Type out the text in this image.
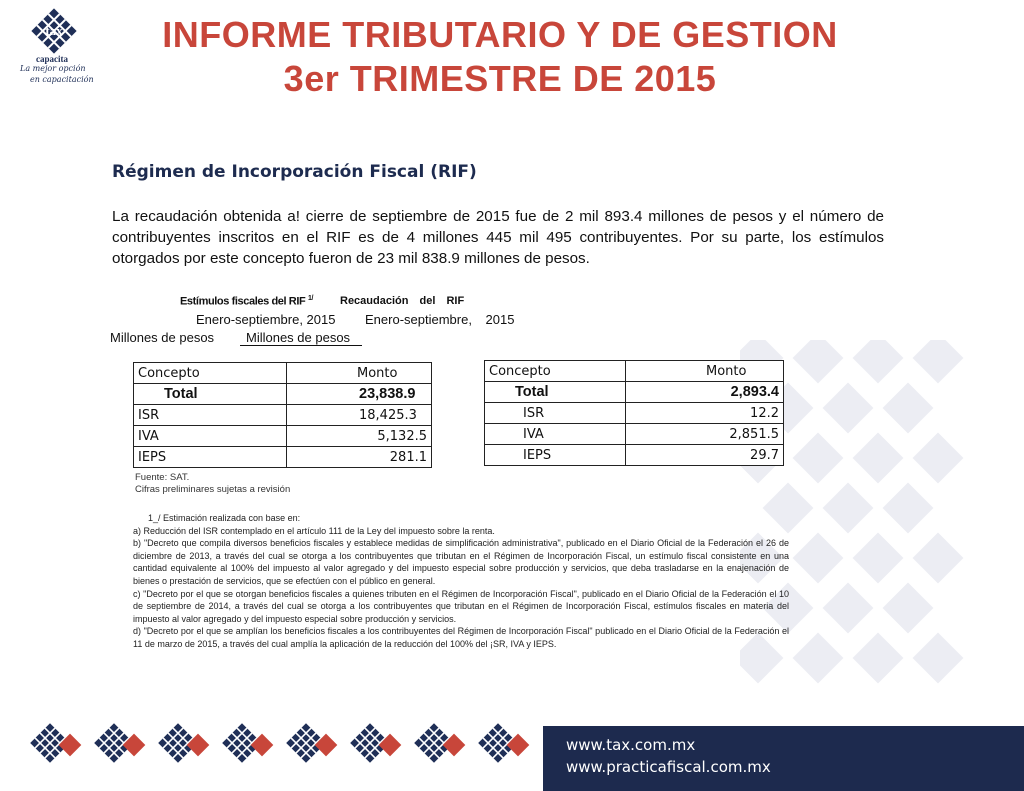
tax
capacita
La mejor opción
en capacitación
INFORME TRIBUTARIO Y DE GESTION
3er TRIMESTRE DE 2015
Régimen de Incorporación Fiscal (RIF)
La recaudación obtenida a! cierre de septiembre de 2015 fue de 2 mil 893.4 millones de pesos y el número de contribuyentes inscritos en el RIF es de 4 millones 445 mil 495 contribuyentes. Por su parte, los estímulos otorgados por este concepto fueron de 23 mil 838.9 millones de pesos.
Estímulos fiscales del RIF $^{1/}$ Recaudación del RIF
Enero-septiembre, 2015 Enero-septiembre, 2015
Millones de pesos	Millones de pesos
Concepto	Monto
Total	23,838.9
ISR	18,425.3
IVA	5,132.5
IEPS	281.1
Concepto	Monto
Total	2,893.4
ISR	12.2
IVA	2,851.5
IEPS	29.7
Fuente: SAT.
Cifras preliminares sujetas a revisión

1_/ Estimación realizada con base en:

a) Reducción del ISR contemplado en el artículo 111 de la Ley del impuesto sobre la renta.

b) "Decreto que compila diversos beneficios fiscales y establece medidas de simplificación administrativa", publicado en el Diario Oficial de la Federación el 26 de diciembre de 2013, a través del cual se otorga a los contribuyentes que tributan en el Régimen de Incorporación Fiscal, un estímulo fiscal consistente en una cantidad equivalente al 100% del impuesto al valor agregado y del impuesto especial sobre producción y servicios, que deba trasladarse en la enajenación de bienes o prestación de servicios, que se efectúen con el público en general.

c) "Decreto por el que se otorgan beneficios fiscales a quienes tributen en el Régimen de Incorporación Fiscal", publicado en el Diario Oficial de la Federación el 10 de septiembre de 2014, a través del cual se otorga a los contribuyentes que tributan en el Régimen de Incorporación Fiscal, estímulos fiscales en materia del impuesto al valor agregado y del impuesto especial sobre producción y servicios.

d) "Decreto por el que se amplían los beneficios fiscales a los contribuyentes del Régimen de Incorporación Fiscal" publicado en el Diario Oficial de la Federación el 11 de marzo de 2015, a través del cual amplía la aplicación de la reducción del 100% del ¡SR, IVA y IEPS.

www.tax.com.mx
www.practicafiscal.com.mx
